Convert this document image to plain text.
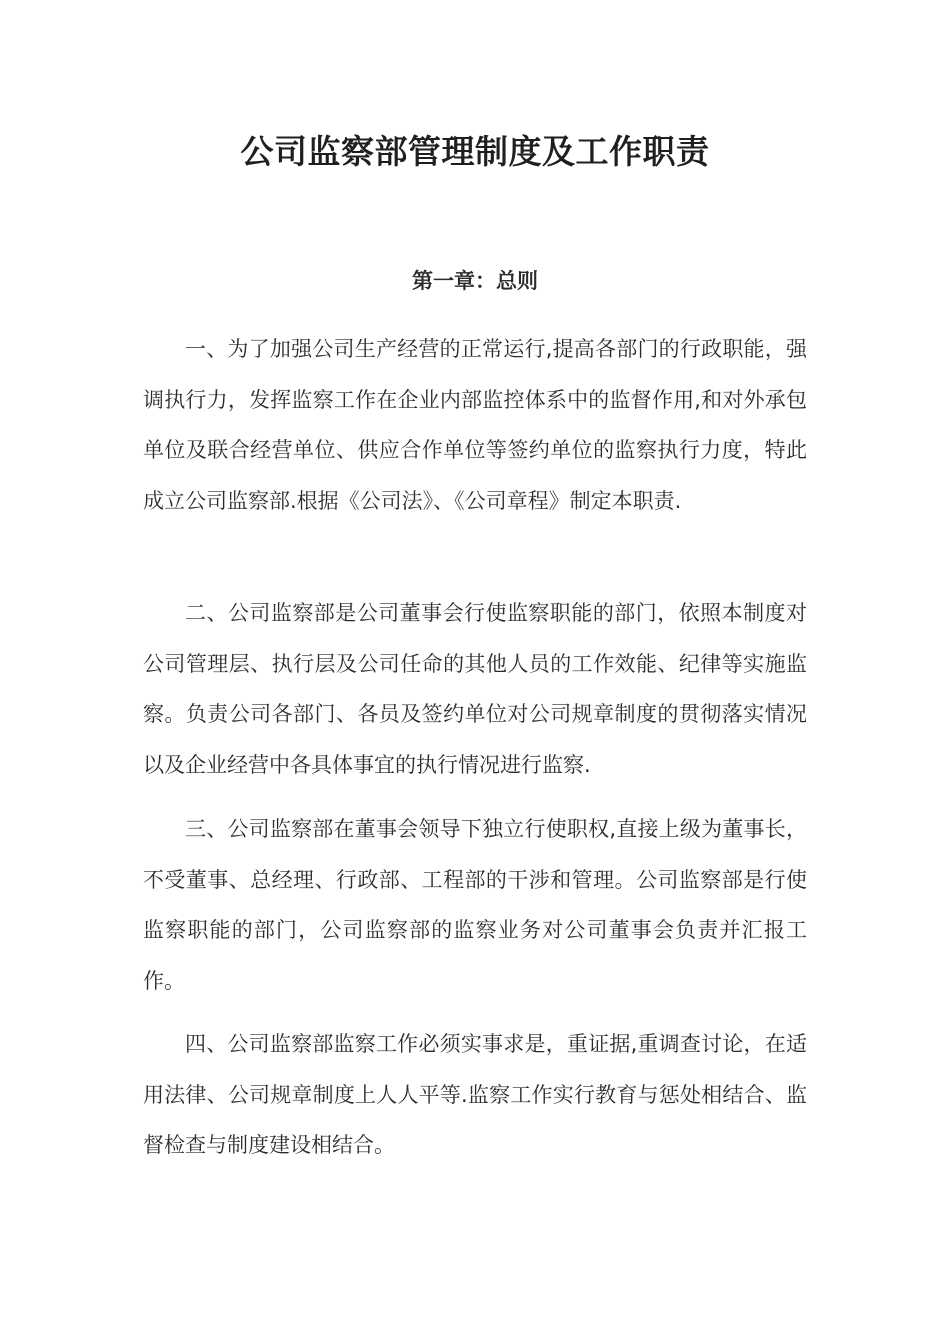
公司监察部管理制度及工作职责
第一章：总则

一、为了加强公司生产经营的正常运行,提高各部门的行政职能，强调执行力，发挥监察工作在企业内部监控体系中的监督作用,和对外承包单位及联合经营单位、供应合作单位等签约单位的监察执行力度，特此成立公司监察部.根据《公司法》、《公司章程》制定本职责.

二、公司监察部是公司董事会行使监察职能的部门，依照本制度对公司管理层、执行层及公司任命的其他人员的工作效能、纪律等实施监察。负责公司各部门、各员及签约单位对公司规章制度的贯彻落实情况以及企业经营中各具体事宜的执行情况进行监察.

三、公司监察部在董事会领导下独立行使职权,直接上级为董事长，不受董事、总经理、行政部、工程部的干涉和管理。公司监察部是行使监察职能的部门，公司监察部的监察业务对公司董事会负责并汇报工作。

四、公司监察部监察工作必须实事求是，重证据,重调查讨论，在适用法律、公司规章制度上人人平等.监察工作实行教育与惩处相结合、监督检查与制度建设相结合。
